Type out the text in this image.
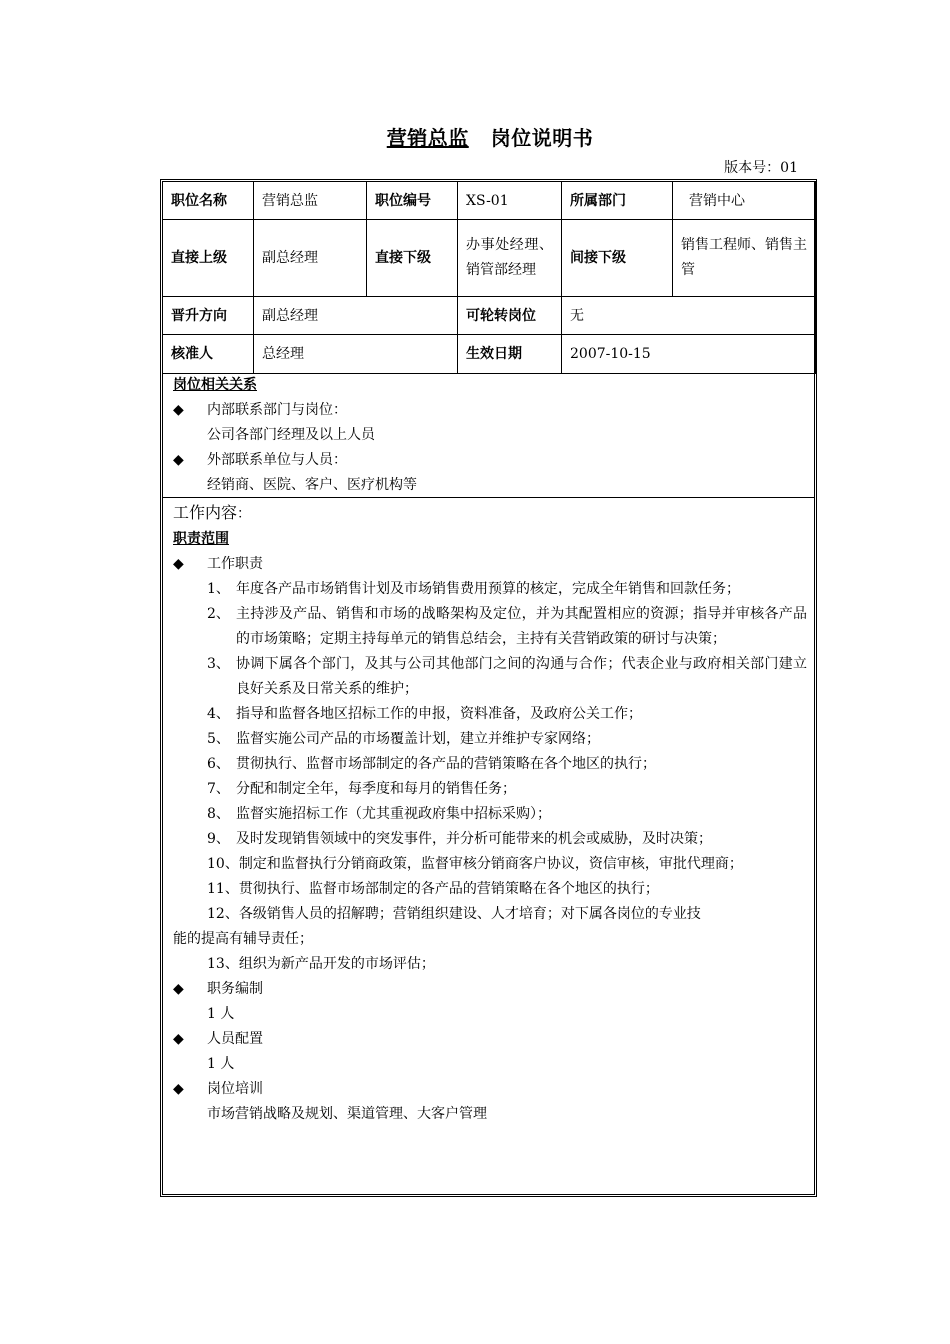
营销总监 岗位说明书
版本号：01
职位名称	营销总监	职位编号	XS-01	所属部门	营销中心
直接上级	副总经理	直接下级	办事处经理、销管部经理	间接下级	销售工程师、销售主管
晋升方向	副总经理		可轮转岗位	无	
核准人	总经理		生效日期	2007-10-15	
岗位相关关系
◆	内部联系部门与岗位：
公司各部门经理及以上人员
◆	外部联系单位与人员：
经销商、医院、客户、医疗机构等
工作内容：
职责范围
◆	工作职责
1、 年度各产品市场销售计划及市场销售费用预算的核定，完成全年销售和回款任务；
2、 主持涉及产品、销售和市场的战略架构及定位，并为其配置相应的资源；指导并审核各产品的市场策略；定期主持每单元的销售总结会，主持有关营销政策的研讨与决策；
3、 协调下属各个部门，及其与公司其他部门之间的沟通与合作；代表企业与政府相关部门建立良好关系及日常关系的维护；
4、 指导和监督各地区招标工作的申报，资料准备，及政府公关工作；
5、 监督实施公司产品的市场覆盖计划，建立并维护专家网络；
6、 贯彻执行、监督市场部制定的各产品的营销策略在各个地区的执行；
7、 分配和制定全年，每季度和每月的销售任务；
8、 监督实施招标工作（尤其重视政府集中招标采购）；
9、 及时发现销售领域中的突发事件，并分析可能带来的机会或威胁，及时决策；
10、 制定和监督执行分销商政策，监督审核分销商客户协议，资信审核，审批代理商；
11、 贯彻执行、监督市场部制定的各产品的营销策略在各个地区的执行；
12、各级销售人员的招解聘；营销组织建设、人才培育；对下属各岗位的专业技
能的提高有辅导责任；
13、组织为新产品开发的市场评估；
◆	职务编制
1 人
◆	人员配置
1 人
◆	岗位培训
市场营销战略及规划、渠道管理、大客户管理
